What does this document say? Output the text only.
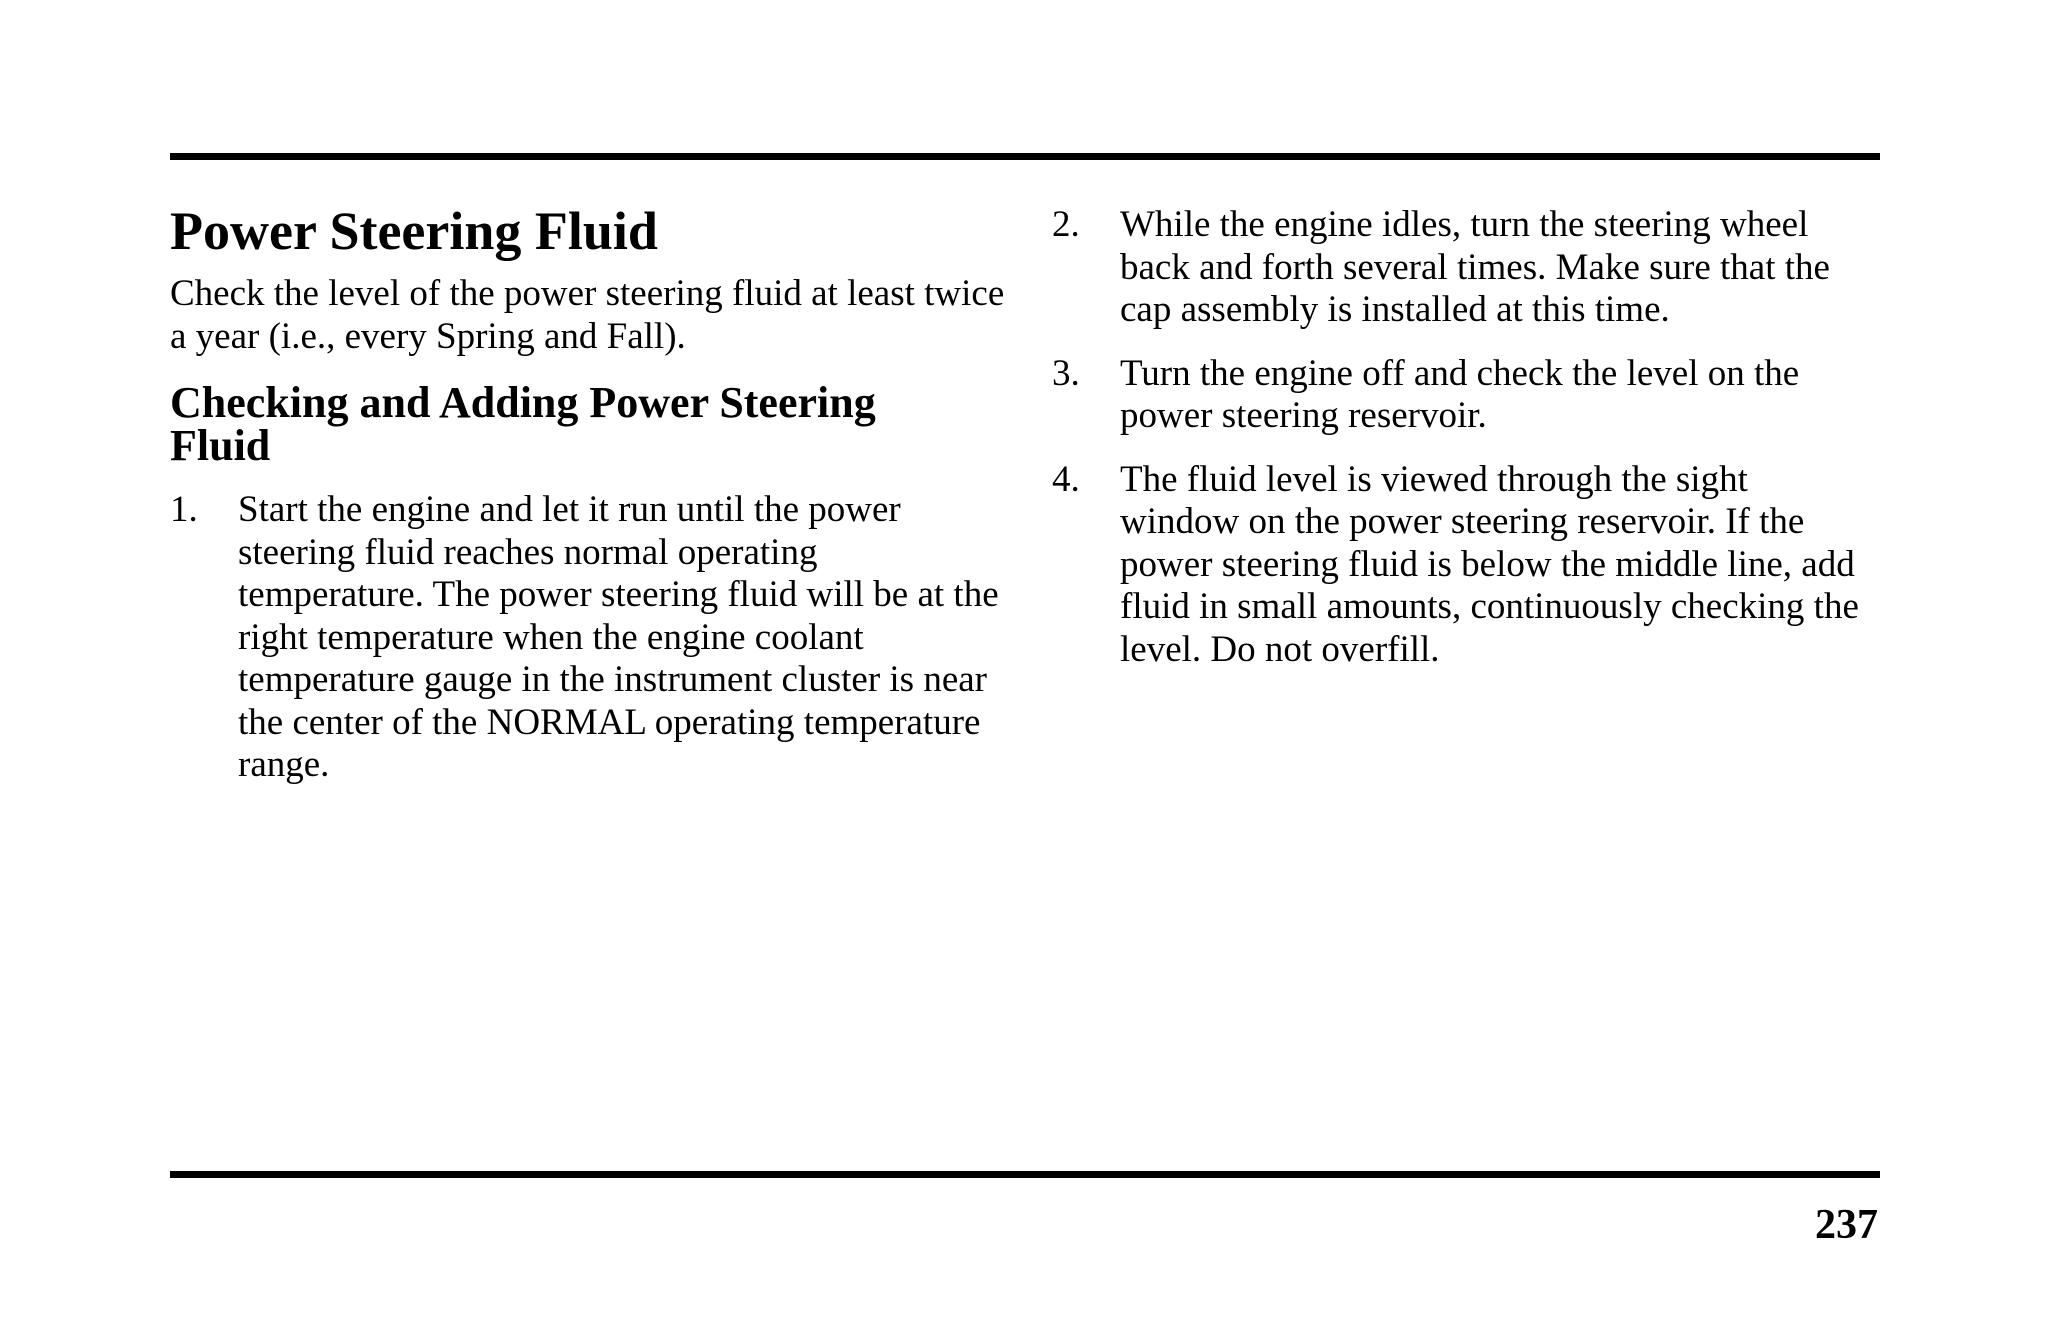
Power Steering Fluid

Check the level of the power steering fluid at least twice a year (i.e., every Spring and Fall).

Checking and Adding Power Steering Fluid
1. Start the engine and let it run until the power steering fluid reaches normal operating temperature. The power steering fluid will be at the right temperature when the engine coolant temperature gauge in the instrument cluster is near the center of the NORMAL operating temperature range.
2. While the engine idles, turn the steering wheel back and forth several times. Make sure that the cap assembly is installed at this time.
3. Turn the engine off and check the level on the power steering reservoir.
4. The fluid level is viewed through the sight window on the power steering reservoir. If the power steering fluid is below the middle line, add fluid in small amounts, continuously checking the level. Do not overfill.
237
